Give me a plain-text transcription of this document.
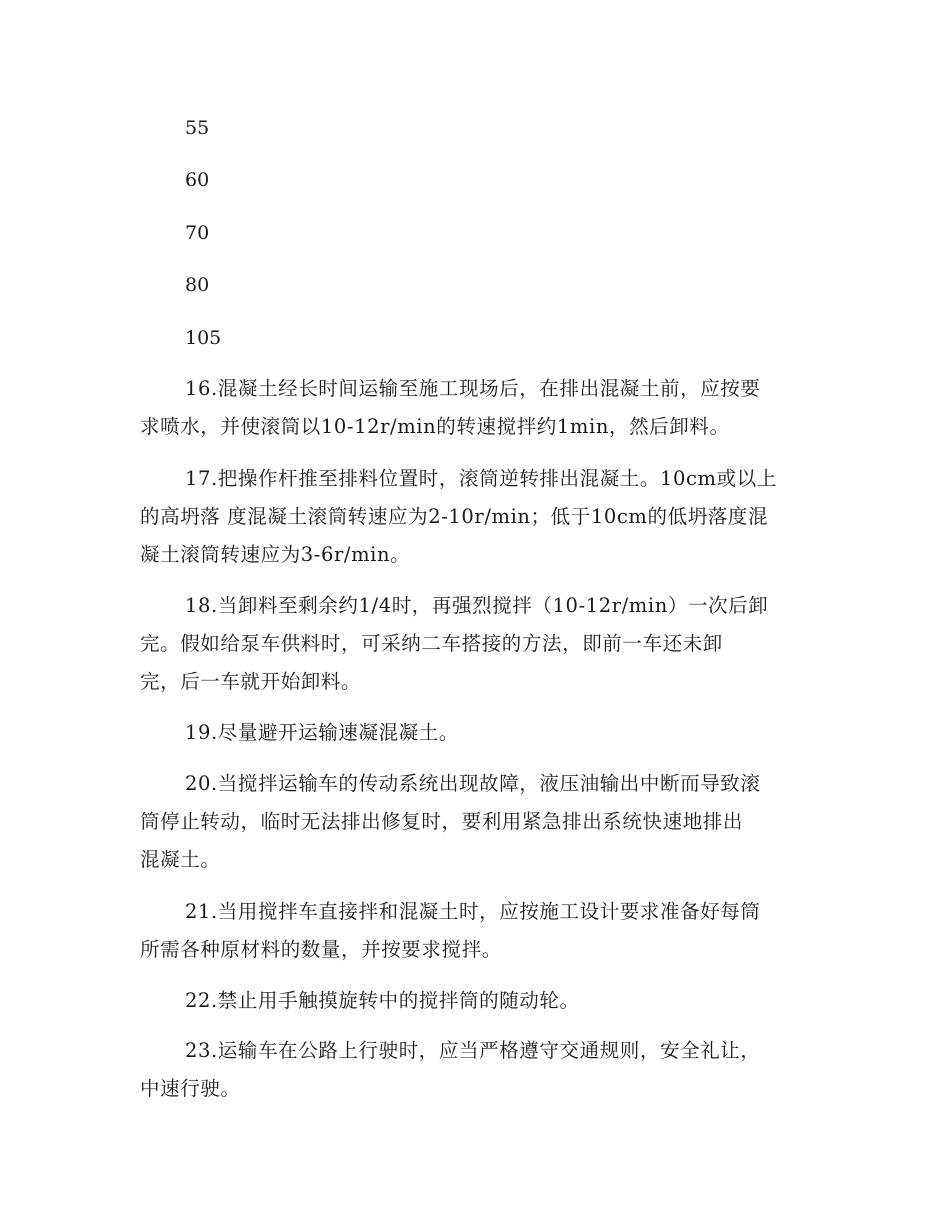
55

60

70

80

105

16.混凝土经长时间运输至施工现场后，在排出混凝土前，应按要
求喷水，并使滚筒以10-12r/min的转速搅拌约1min，然后卸料。
17.把操作杆推至排料位置时，滚筒逆转排出混凝土。10cm或以上
的高坍落 度混凝土滚筒转速应为2-10r/min；低于10cm的低坍落度混
凝土滚筒转速应为3-6r/min。
18.当卸料至剩余约1/4时，再强烈搅拌（10-12r/min）一次后卸
完。假如给泵车供料时，可采纳二车搭接的方法，即前一车还未卸
完，后一车就开始卸料。
19.尽量避开运输速凝混凝土。
20.当搅拌运输车的传动系统出现故障，液压油输出中断而导致滚
筒停止转动，临时无法排出修复时，要利用紧急排出系统快速地排出
混凝土。
21.当用搅拌车直接拌和混凝土时，应按施工设计要求准备好每筒
所需各种原材料的数量，并按要求搅拌。
22.禁止用手触摸旋转中的搅拌筒的随动轮。
23.运输车在公路上行驶时，应当严格遵守交通规则，安全礼让，
中速行驶。
